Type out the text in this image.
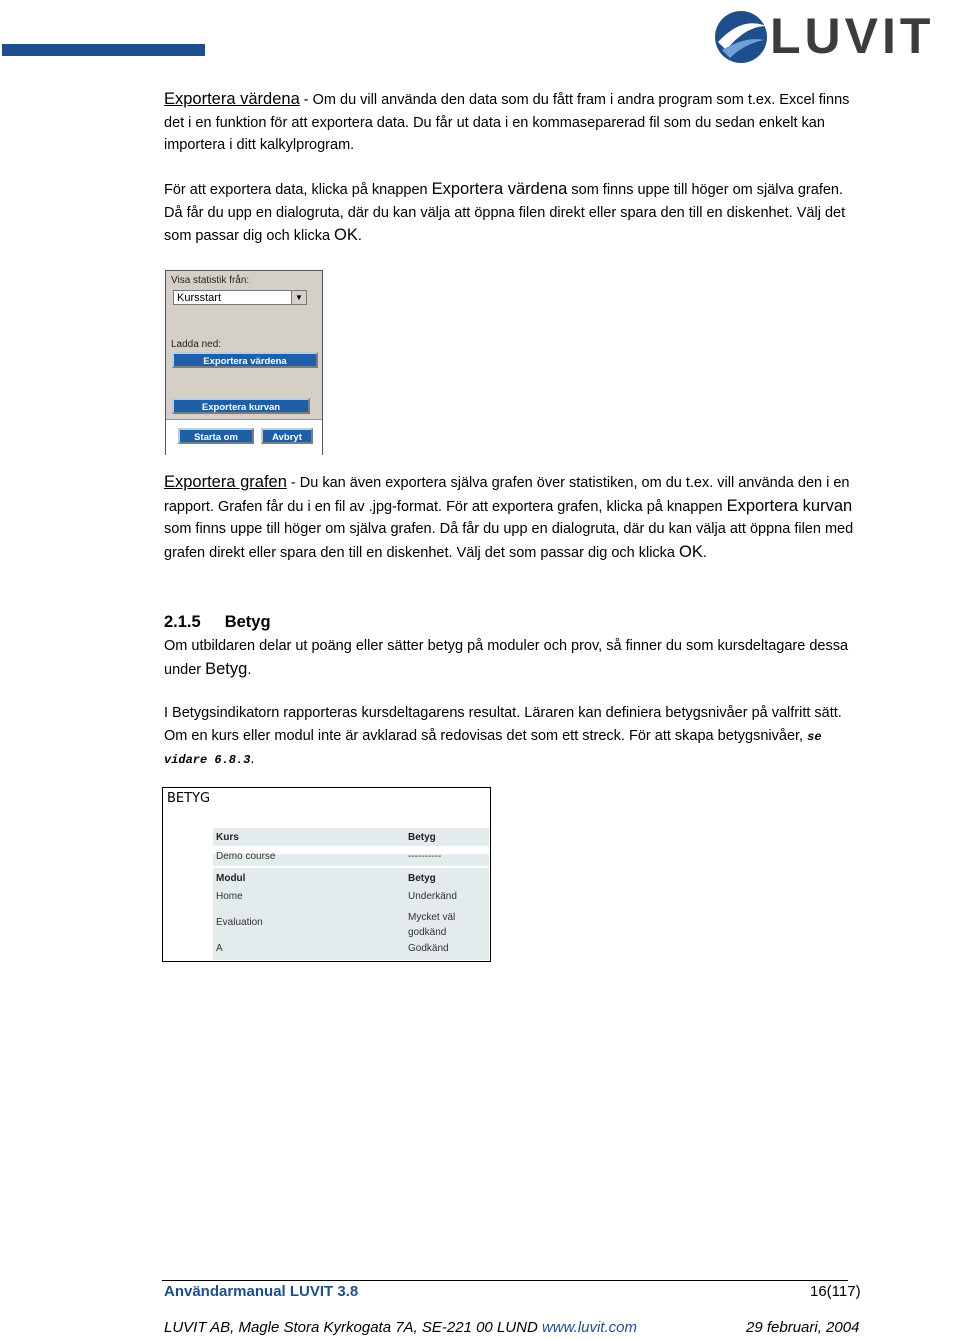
LUVIT

Exportera värdena - Om du vill använda den data som du fått fram i andra program som t.ex. Excel finns det i en funktion för att exportera data. Du får ut data i en kommaseparerad fil som du sedan enkelt kan importera i ditt kalkylprogram.

För att exportera data, klicka på knappen Exportera värdena som finns uppe till höger om själva grafen. Då får du upp en dialogruta, där du kan välja att öppna filen direkt eller spara den till en diskenhet. Välj det som passar dig och klicka OK.

Visa statistik från:
Kursstart	▼
Ladda ned:
Exportera värdena
Exportera kurvan
Starta om	Avbryt

Exportera grafen - Du kan även exportera själva grafen över statistiken, om du t.ex. vill använda den i en rapport. Grafen får du i en fil av .jpg-format. För att exportera grafen, klicka på knappen Exportera kurvan som finns uppe till höger om själva grafen. Då får du upp en dialogruta, där du kan välja att öppna filen med grafen direkt eller spara den till en diskenhet. Välj det som passar dig och klicka OK.

2.1.5 Betyg

Om utbildaren delar ut poäng eller sätter betyg på moduler och prov, så finner du som kursdeltagare dessa under Betyg.

I Betygsindikatorn rapporteras kursdeltagarens resultat. Läraren kan definiera betygsnivåer på valfritt sätt. Om en kurs eller modul inte är avklarad så redovisas det som ett streck. För att skapa betygsnivåer, se vidare 6.8.3.

BETYG
Kurs	Betyg
Demo course	----------
Modul	Betyg
Home	Underkänd
Evaluation	Mycket väl godkänd
A	Godkänd
Användarmanual LUVIT 3.8	16(117)
LUVIT AB, Magle Stora Kyrkogata 7A, SE-221 00 LUND www.luvit.com	29 februari, 2004
